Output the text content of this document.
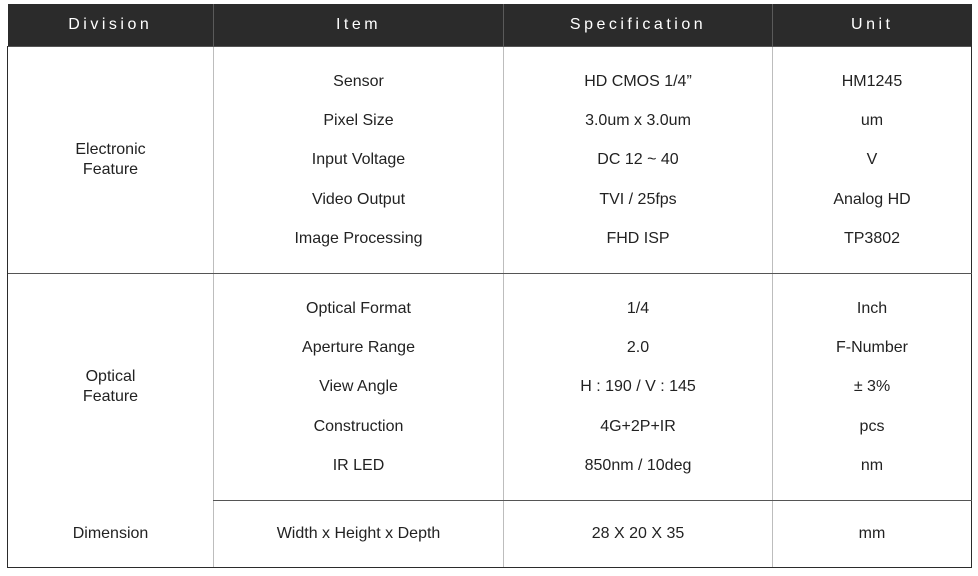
Division	Item	Specification	Unit

Electronic
Feature			

	Sensor	HD CMOS 1/4”	HM1245
	Pixel Size	3.0um x 3.0um	um
	Input Voltage	DC 12 ~ 40	V
	Video Output	TVI / 25fps	Analog HD
	Image Processing	FHD ISP	TP3802

Optical
Feature			

	Optical Format	1/4	Inch
	Aperture Range	2.0	F-Number
	View Angle	H : 190 / V : 145	± 3%
	Construction	4G+2P+IR	pcs
	IR LED	850nm / 10deg	nm

Dimension	Width x Height x Depth	28 X 20 X 35	mm
